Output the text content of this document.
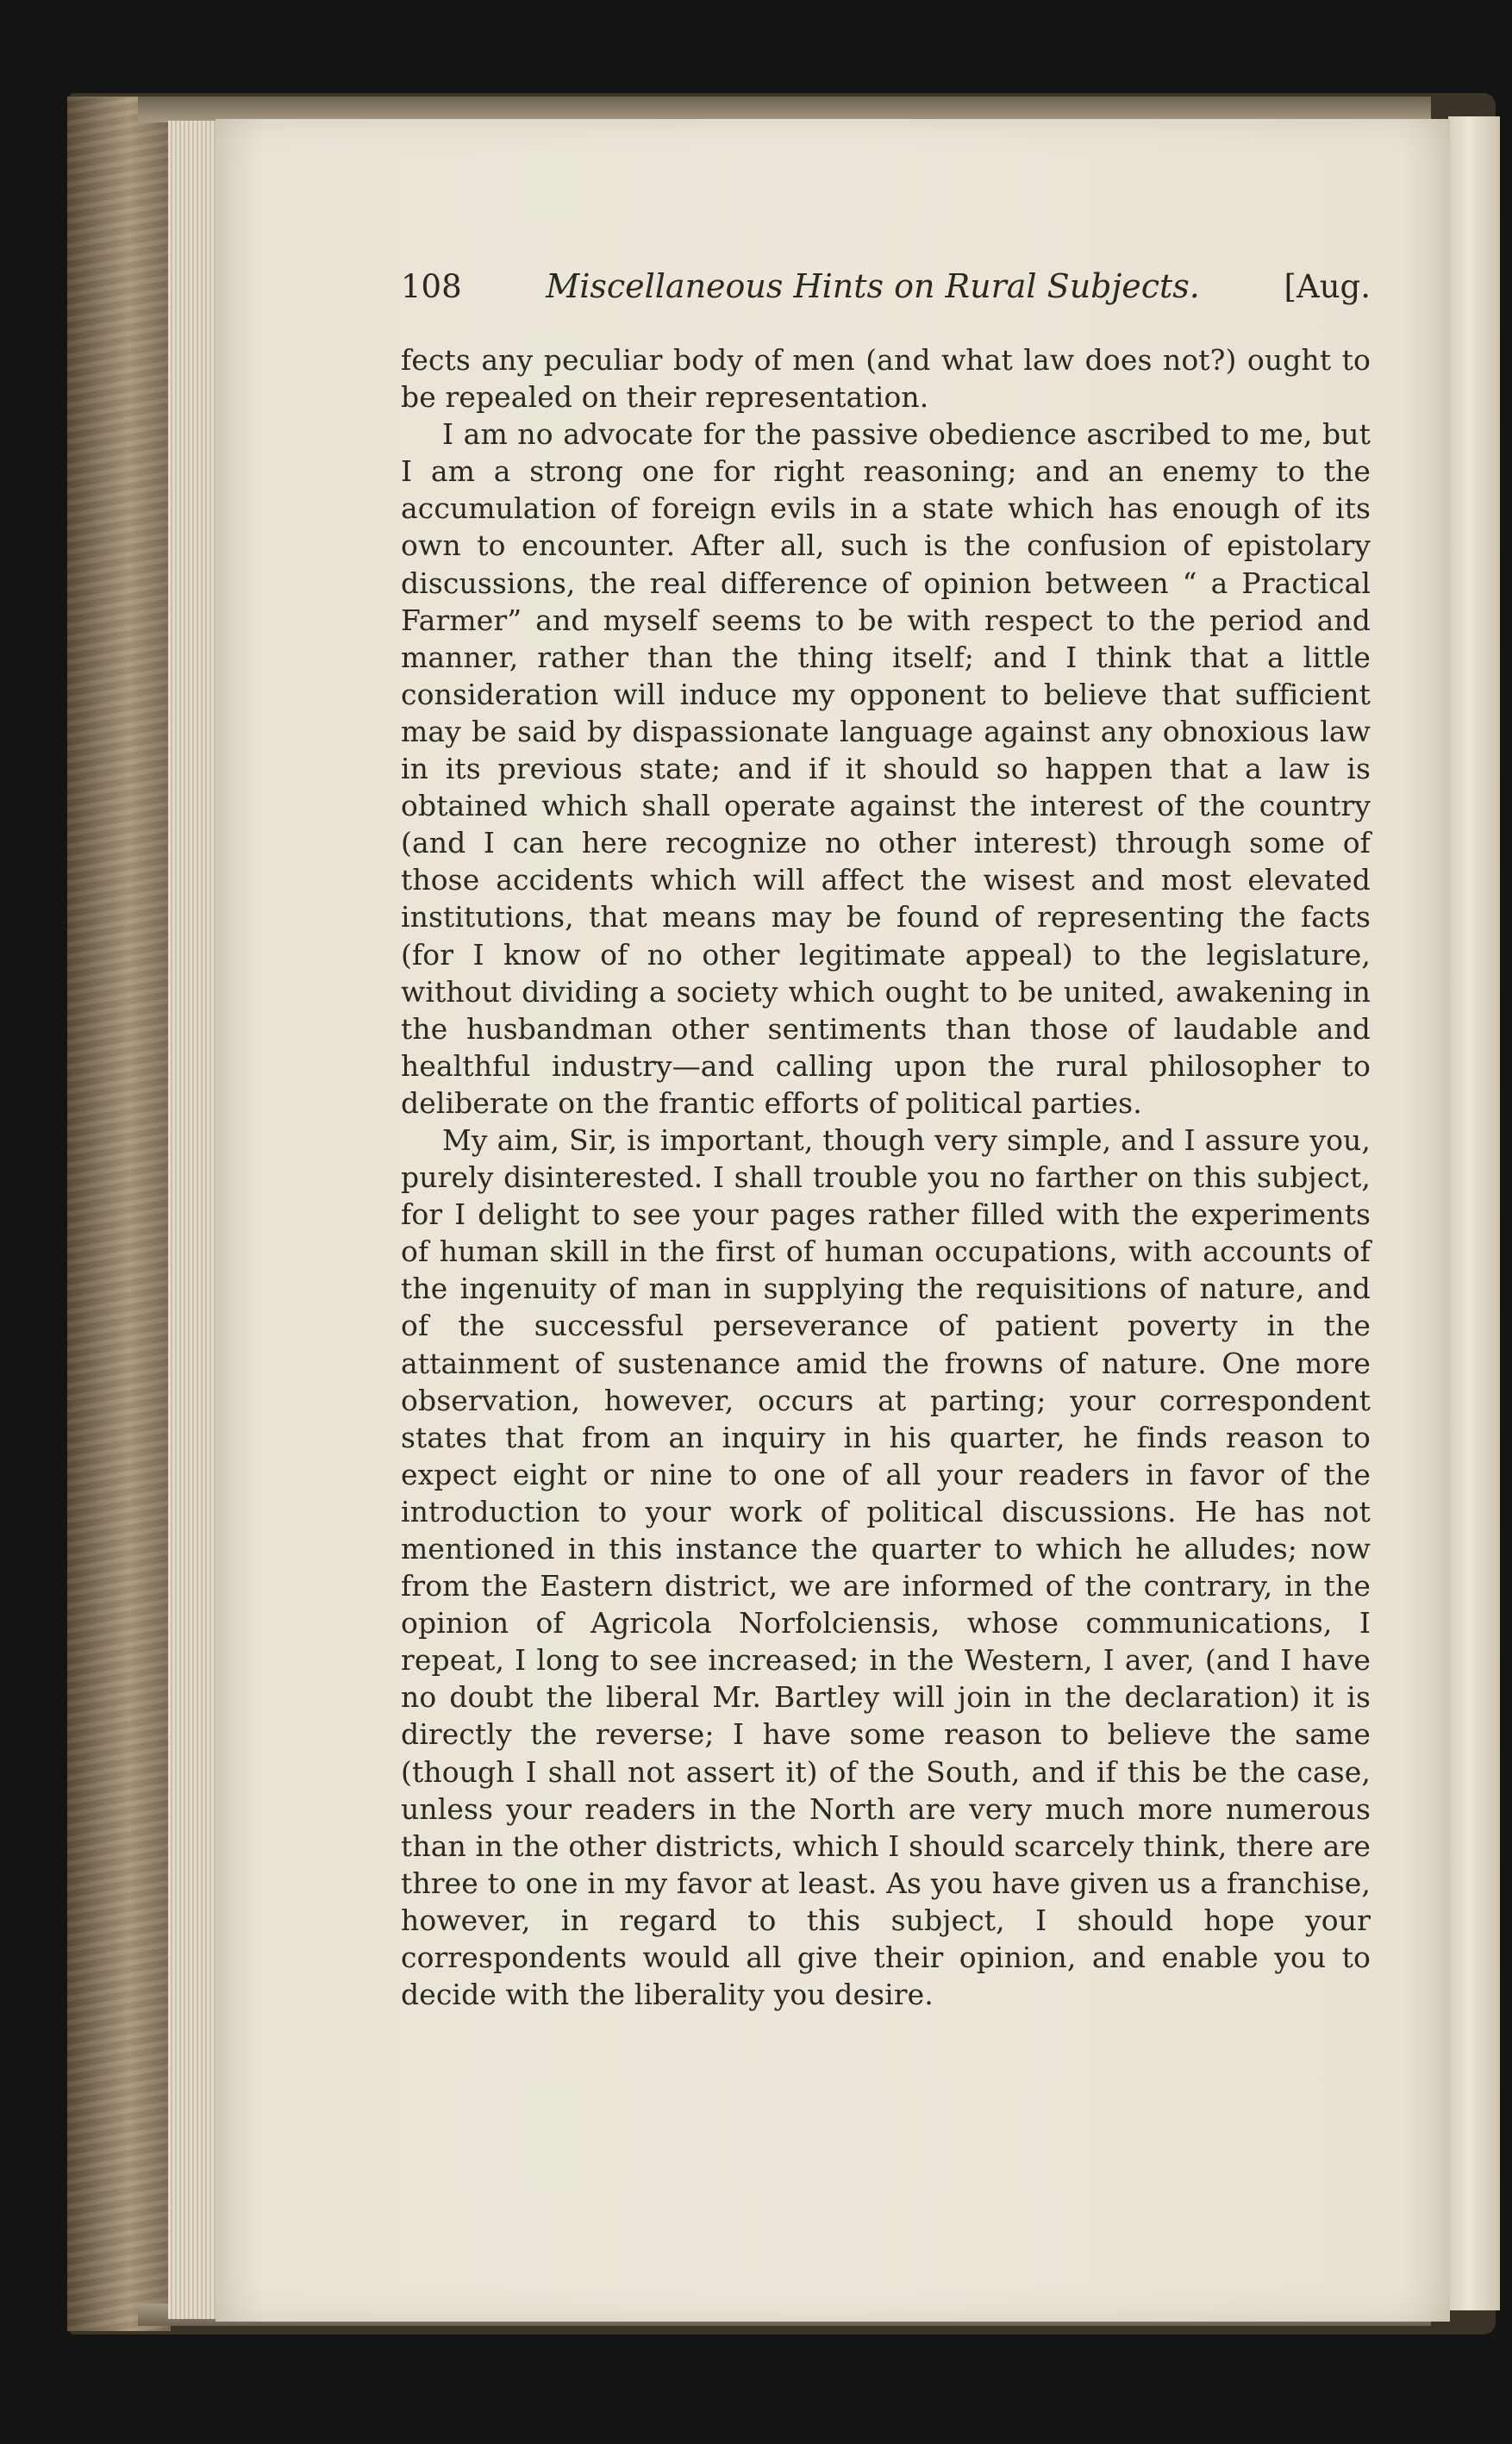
108	Miscellaneous Hints on Rural Subjects.	[Aug.

fects any peculiar body of men (and what law does not?) ought to be repealed on their representation.

I am no advocate for the passive obedience ascribed to me, but I am a strong one for right reasoning; and an enemy to the accumulation of foreign evils in a state which has enough of its own to encounter. After all, such is the confusion of epistolary discussions, the real difference of opinion between “ a Practical Farmer” and myself seems to be with respect to the period and manner, rather than the thing itself; and I think that a little consideration will induce my opponent to believe that sufficient may be said by dispassionate language against any obnoxious law in its previous state; and if it should so happen that a law is obtained which shall operate against the interest of the country (and I can here recognize no other interest) through some of those accidents which will affect the wisest and most elevated institutions, that means may be found of representing the facts (for I know of no other legitimate appeal) to the legislature, without dividing a society which ought to be united, awakening in the husbandman other sentiments than those of laudable and healthful industry—and calling upon the rural philosopher to deliberate on the frantic efforts of political parties.

My aim, Sir, is important, though very simple, and I assure you, purely disinterested. I shall trouble you no farther on this subject, for I delight to see your pages rather filled with the experiments of human skill in the first of human occupations, with accounts of the ingenuity of man in supplying the requisitions of nature, and of the successful perseverance of patient poverty in the attainment of sustenance amid the frowns of nature. One more observation, however, occurs at parting; your correspondent states that from an inquiry in his quarter, he finds reason to expect eight or nine to one of all your readers in favor of the introduction to your work of political discussions. He has not mentioned in this instance the quarter to which he alludes; now from the Eastern district, we are informed of the contrary, in the opinion of Agricola Norfolciensis, whose communications, I repeat, I long to see increased; in the Western, I aver, (and I have no doubt the liberal Mr. Bartley will join in the declaration) it is directly the reverse; I have some reason to believe the same (though I shall not assert it) of the South, and if this be the case, unless your readers in the North are very much more numerous than in the other districts, which I should scarcely think, there are three to one in my favor at least. As you have given us a franchise, however, in regard to this subject, I should hope your correspondents would all give their opinion, and enable you to decide with the liberality you desire.
